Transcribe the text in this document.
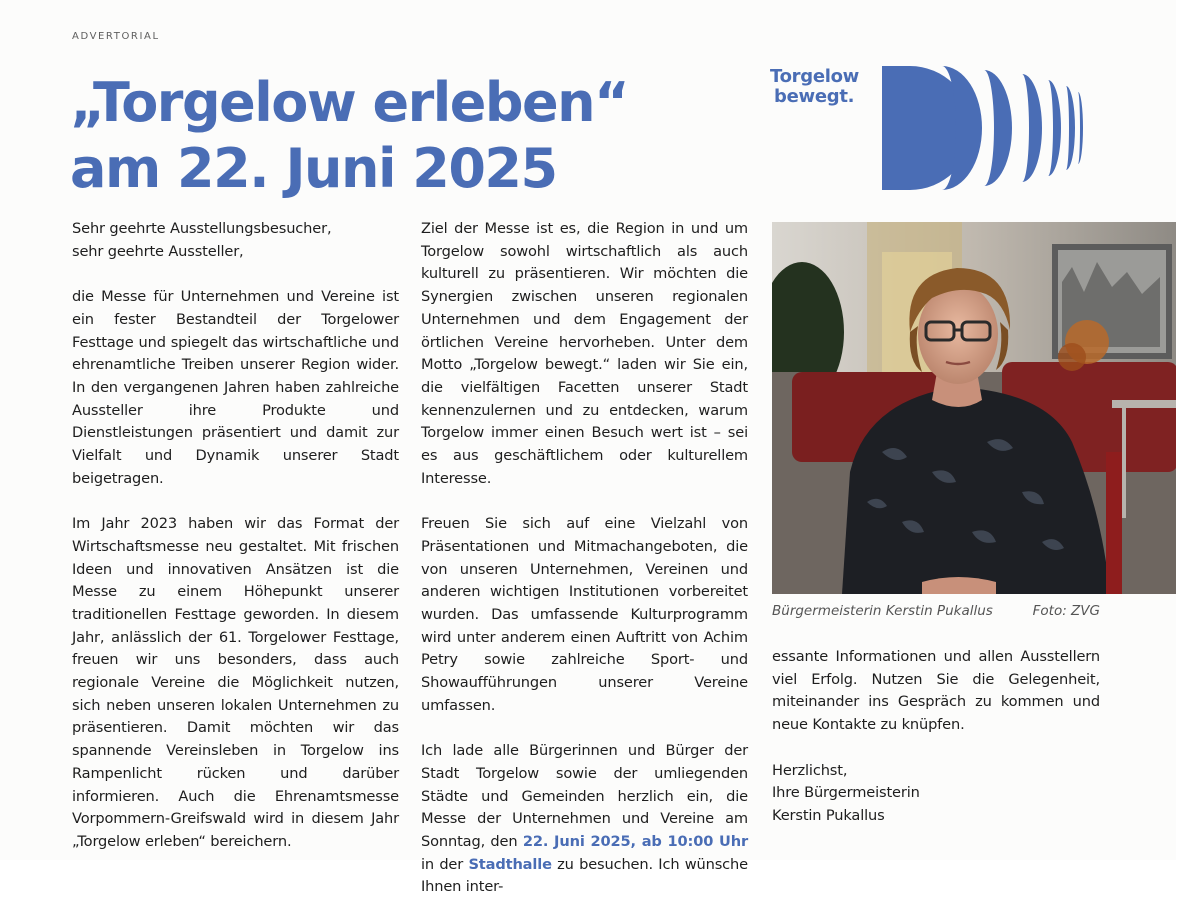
ADVERTORIAL
„Torgelow erleben“
am 22. Juni 2025
Torgelow
bewegt.

Sehr geehrte Ausstellungsbesucher,
sehr geehrte Aussteller,

die Messe für Unternehmen und Vereine ist ein fester Bestandteil der Torgelower Festtage und spiegelt das wirtschaftliche und ehrenamtliche Treiben unserer Region wider. In den vergangenen Jahren haben zahlreiche Aussteller ihre Produkte und Dienstleistungen präsentiert und damit zur Vielfalt und Dynamik unserer Stadt beigetragen.

Im Jahr 2023 haben wir das Format der Wirtschaftsmesse neu gestaltet. Mit frischen Ideen und innovativen Ansätzen ist die Messe zu einem Höhepunkt unserer traditionellen Festtage geworden. In diesem Jahr, anlässlich der 61. Torgelower Festtage, freuen wir uns besonders, dass auch regionale Vereine die Möglichkeit nutzen, sich neben unseren lokalen Unternehmen zu präsentieren. Damit möchten wir das spannende Vereinsleben in Torgelow ins Rampenlicht rücken und darüber informieren. Auch die Ehrenamtsmesse Vorpommern-Greifswald wird in diesem Jahr „Torgelow erleben“ bereichern.

Ziel der Messe ist es, die Region in und um Torgelow sowohl wirtschaftlich als auch kulturell zu präsentieren. Wir möchten die Synergien zwischen unseren regionalen Unternehmen und dem Engagement der örtlichen Vereine hervorheben. Unter dem Motto „Torgelow bewegt.“ laden wir Sie ein, die vielfältigen Facetten unserer Stadt kennenzulernen und zu entdecken, warum Torgelow immer einen Besuch wert ist – sei es aus geschäftlichem oder kulturellem Interesse.

Freuen Sie sich auf eine Vielzahl von Präsentationen und Mitmachangeboten, die von unseren Unternehmen, Vereinen und anderen wichtigen Institutionen vorbereitet wurden. Das umfassende Kulturprogramm wird unter anderem einen Auftritt von Achim Petry sowie zahlreiche Sport- und Showaufführungen unserer Vereine umfassen.

Ich lade alle Bürgerinnen und Bürger der Stadt Torgelow sowie der umliegenden Städte und Gemeinden herzlich ein, die Messe der Unternehmen und Vereine am Sonntag, den 22. Juni 2025, ab 10:00 Uhr in der Stadthalle zu besuchen. Ich wünsche Ihnen inter-

Bürgermeisterin Kerstin Pukallus	Foto: ZVG

essante Informationen und allen Ausstellern viel Erfolg. Nutzen Sie die Gelegenheit, miteinander ins Gespräch zu kommen und neue Kontakte zu knüpfen.

Herzlichst,
Ihre Bürgermeisterin
Kerstin Pukallus
